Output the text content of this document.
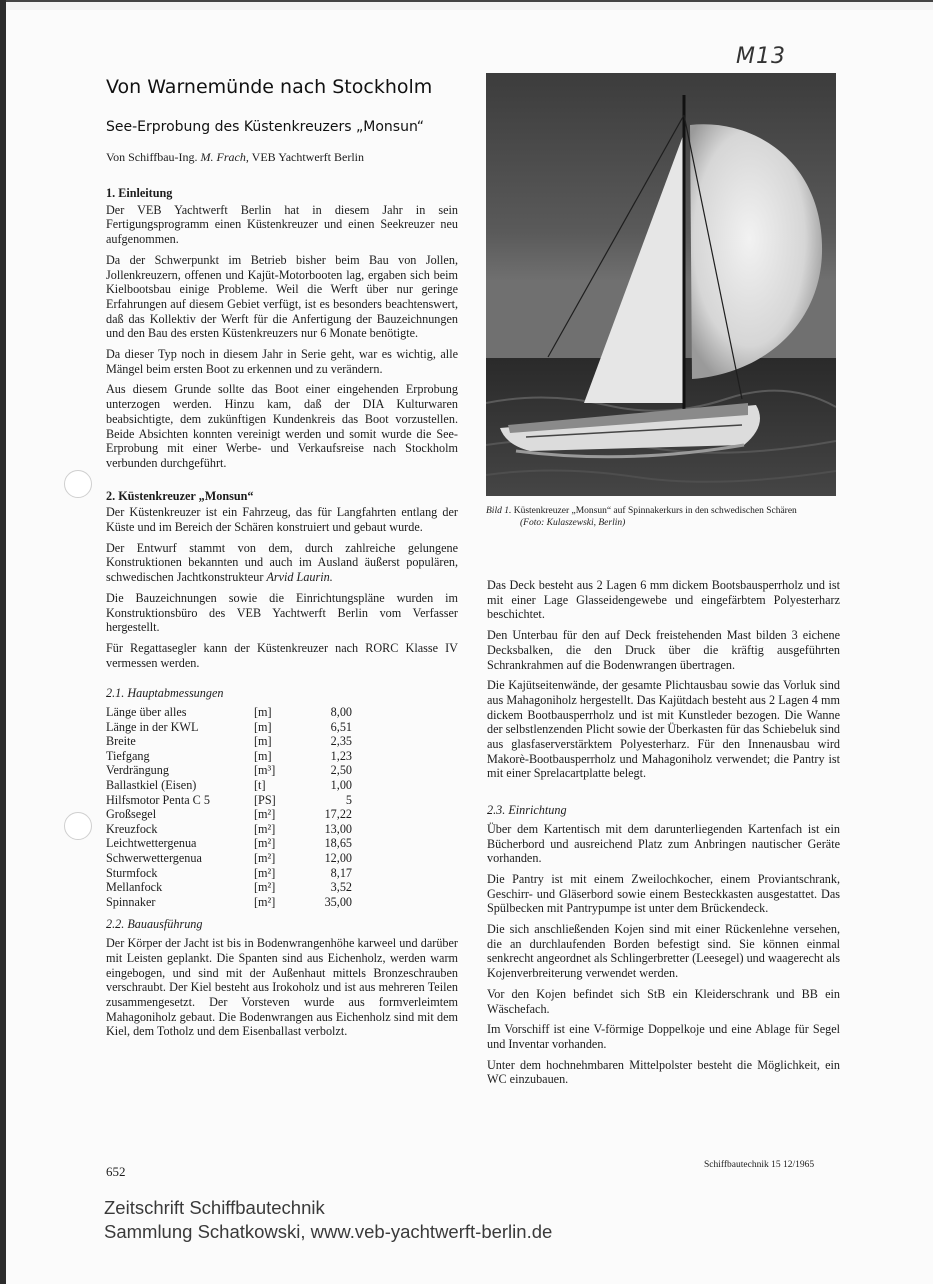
M13
Von Warnemünde nach Stockholm
See-Erprobung des Küstenkreuzers „Monsun“
Von Schiffbau-Ing. M. Frach, VEB Yachtwerft Berlin
1. Einleitung

Der VEB Yachtwerft Berlin hat in diesem Jahr in sein Fertigungsprogramm einen Küstenkreuzer und einen Seekreuzer neu aufgenommen.

Da der Schwerpunkt im Betrieb bisher beim Bau von Jollen, Jollenkreuzern, offenen und Kajüt-Motorbooten lag, ergaben sich beim Kielbootsbau einige Probleme. Weil die Werft über nur geringe Erfahrungen auf diesem Gebiet verfügt, ist es besonders beachtenswert, daß das Kollektiv der Werft für die Anfertigung der Bauzeichnungen und den Bau des ersten Küstenkreuzers nur 6 Monate benötigte.

Da dieser Typ noch in diesem Jahr in Serie geht, war es wichtig, alle Mängel beim ersten Boot zu erkennen und zu verändern.

Aus diesem Grunde sollte das Boot einer eingehenden Erprobung unterzogen werden. Hinzu kam, daß der DIA Kulturwaren beabsichtigte, dem zukünftigen Kundenkreis das Boot vorzustellen. Beide Absichten konnten vereinigt werden und somit wurde die See-Erprobung mit einer Werbe- und Verkaufsreise nach Stockholm verbunden durchgeführt.

2. Küstenkreuzer „Monsun“

Der Küstenkreuzer ist ein Fahrzeug, das für Langfahrten entlang der Küste und im Bereich der Schären konstruiert und gebaut wurde.

Der Entwurf stammt von dem, durch zahlreiche gelungene Konstruktionen bekannten und auch im Ausland äußerst populären, schwedischen Jachtkonstrukteur Arvid Laurin.

Die Bauzeichnungen sowie die Einrichtungspläne wurden im Konstruktionsbüro des VEB Yachtwerft Berlin vom Verfasser hergestellt.

Für Regattasegler kann der Küstenkreuzer nach RORC Klasse IV vermessen werden.

2.1. Hauptabmessungen
Länge über alles	[m]	8,00
Länge in der KWL	[m]	6,51
Breite	[m]	2,35
Tiefgang	[m]	1,23
Verdrängung	[m³]	2,50
Ballastkiel (Eisen)	[t]	1,00
Hilfsmotor Penta C 5	[PS]	5
Großsegel	[m²]	17,22
Kreuzfock	[m²]	13,00
Leichtwettergenua	[m²]	18,65
Schwerwettergenua	[m²]	12,00
Sturmfock	[m²]	8,17
Mellanfock	[m²]	3,52
Spinnaker	[m²]	35,00
2.2. Bauausführung

Der Körper der Jacht ist bis in Bodenwrangenhöhe karweel und darüber mit Leisten geplankt. Die Spanten sind aus Eichenholz, werden warm eingebogen, und sind mit der Außenhaut mittels Bronzeschrauben verschraubt. Der Kiel besteht aus Irokoholz und ist aus mehreren Teilen zusammengesetzt. Der Vorsteven wurde aus formverleimtem Mahagoniholz gebaut. Die Bodenwrangen aus Eichenholz sind mit dem Kiel, dem Totholz und dem Eisenballast verbolzt.

Bild 1. Küstenkreuzer „Monsun“ auf Spinnakerkurs in den schwedischen Schären
(Foto: Kulaszewski, Berlin)

Das Deck besteht aus 2 Lagen 6 mm dickem Bootsbausperrholz und ist mit einer Lage Glasseidengewebe und eingefärbtem Polyesterharz beschichtet.

Den Unterbau für den auf Deck freistehenden Mast bilden 3 eichene Decksbalken, die den Druck über die kräftig ausgeführten Schrankrahmen auf die Bodenwrangen übertragen.

Die Kajütseitenwände, der gesamte Plichtausbau sowie das Vorluk sind aus Mahagoniholz hergestellt. Das Kajütdach besteht aus 2 Lagen 4 mm dickem Bootbausperrholz und ist mit Kunstleder bezogen. Die Wanne der selbstlenzenden Plicht sowie der Überkasten für das Schiebeluk sind aus glasfaserverstärktem Polyesterharz. Für den Innenausbau wird Makorè-Bootbausperrholz und Mahagoniholz verwendet; die Pantry ist mit einer Sprelacartplatte belegt.

2.3. Einrichtung

Über dem Kartentisch mit dem darunterliegenden Kartenfach ist ein Bücherbord und ausreichend Platz zum Anbringen nautischer Geräte vorhanden.

Die Pantry ist mit einem Zweilochkocher, einem Proviantschrank, Geschirr- und Gläserbord sowie einem Besteckkasten ausgestattet. Das Spülbecken mit Pantrypumpe ist unter dem Brückendeck.

Die sich anschließenden Kojen sind mit einer Rückenlehne versehen, die an durchlaufenden Borden befestigt sind. Sie können einmal senkrecht angeordnet als Schlingerbretter (Leesegel) und waagerecht als Kojenverbreiterung verwendet werden.

Vor den Kojen befindet sich StB ein Kleiderschrank und BB ein Wäschefach.

Im Vorschiff ist eine V-förmige Doppelkoje und eine Ablage für Segel und Inventar vorhanden.

Unter dem hochnehmbaren Mittelpolster besteht die Möglichkeit, ein WC einzubauen.

652	Schiffbautechnik 15 12/1965
Zeitschrift Schiffbautechnik
Sammlung Schatkowski, www.veb-yachtwerft-berlin.de
